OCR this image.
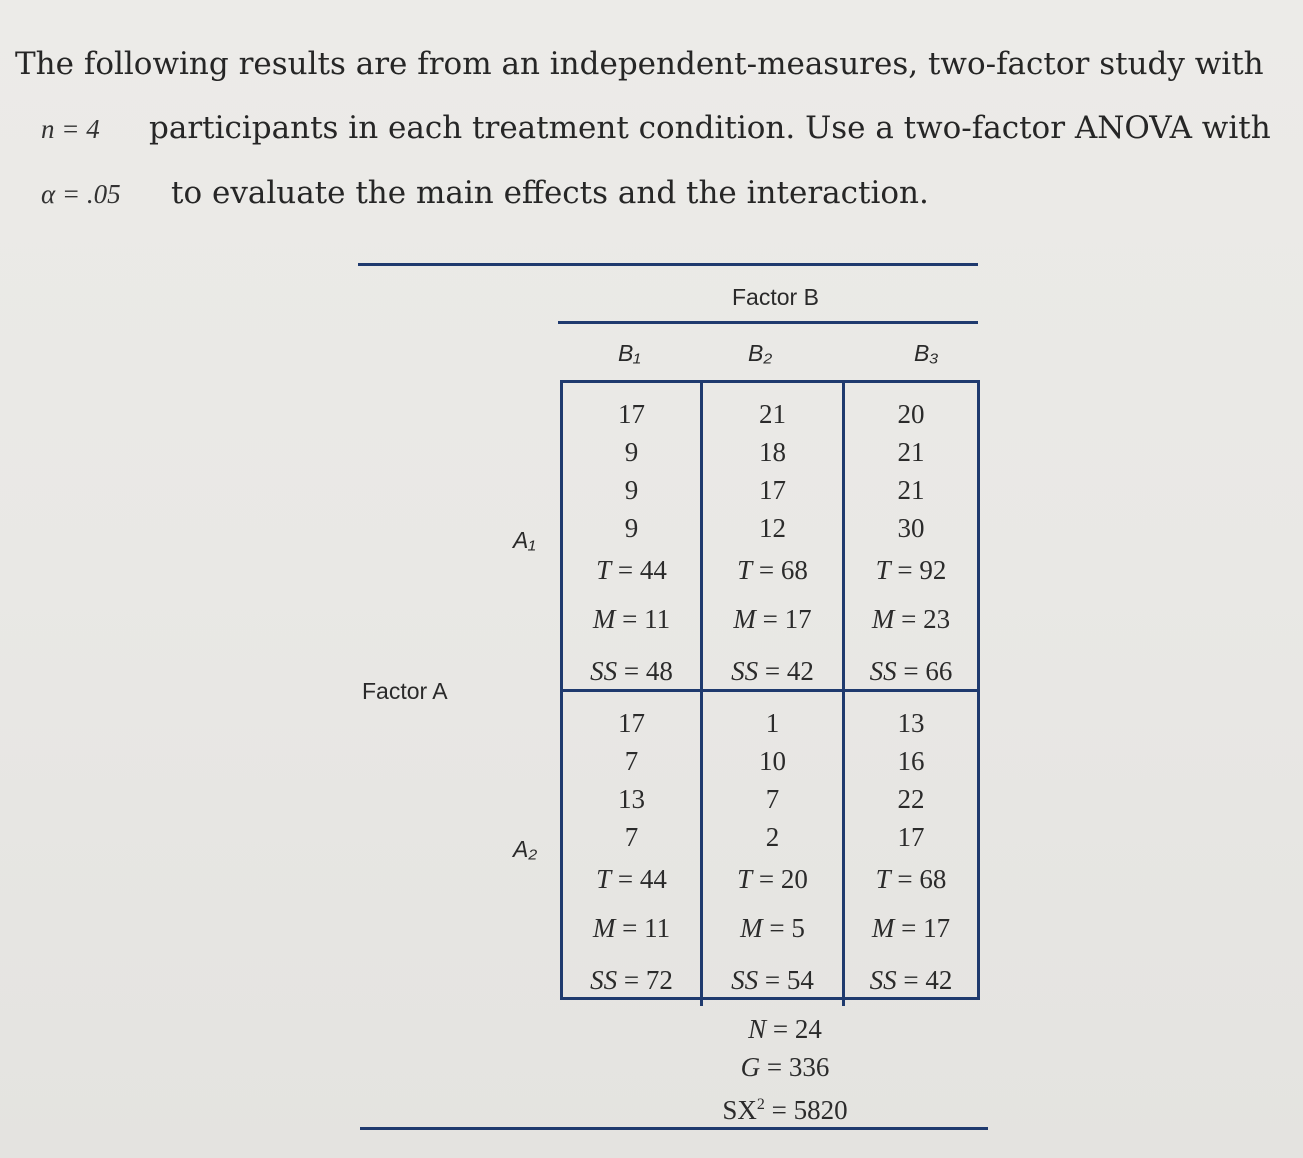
The following results are from an independent-measures, two-factor study with
n = 4 participants in each treatment condition. Use a two-factor ANOVA with
α = .05 to evaluate the main effects and the interaction.
Factor B
B₁	B₂	B₃
Factor A
A₁
A₂
17
9
9
9
T = 44
M = 11
SS = 48
21
18
17
12
T = 68
M = 17
SS = 42
20
21
21
30
T = 92
M = 23
SS = 66
17
7
13
7
T = 44
M = 11
SS = 72
1
10
7
2
T = 20
M = 5
SS = 54
13
16
22
17
T = 68
M = 17
SS = 42
N = 24
G = 336
$SX^2 = 5820$
